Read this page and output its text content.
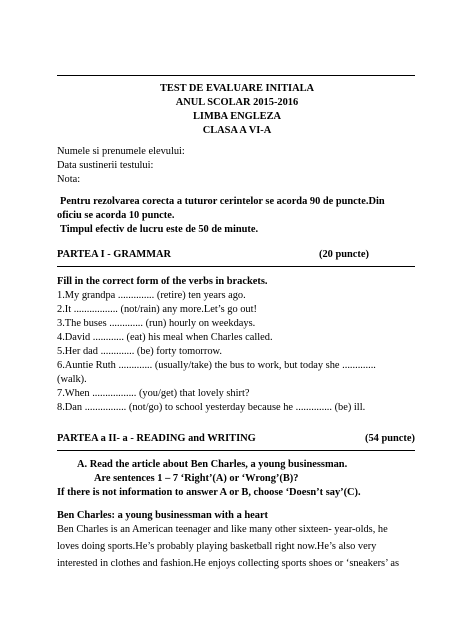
TEST DE EVALUARE INITIALA
ANUL SCOLAR 2015-2016
LIMBA ENGLEZA
CLASA A VI-A
Numele si prenumele elevului:
Data sustinerii testului:
Nota:
Pentru rezolvarea corecta a tuturor cerintelor se acorda 90 de puncte.Din
oficiu se acorda 10 puncte.
Timpul efectiv de lucru este de 50 de minute.
PARTEA I - GRAMMAR	(20 puncte)
Fill in the correct form of the verbs in brackets.
1.My grandpa .............. (retire) ten years ago.
2.It ................. (not/rain) any more.Let’s go out!
3.The buses ............. (run) hourly on weekdays.
4.David ............ (eat) his meal when Charles called.
5.Her dad ............. (be) forty tomorrow.
6.Auntie Ruth ............. (usually/take) the bus to work, but today she .............
(walk).
7.When ................. (you/get) that lovely shirt?
8.Dan ................ (not/go) to school yesterday because he .............. (be) ill.
PARTEA a II- a - READING and WRITING	(54 puncte)
A. Read the article about Ben Charles, a young businessman.
Are sentences 1 – 7 ‘Right’(A) or ‘Wrong’(B)?
If there is not information to answer A or B, choose ‘Doesn’t say’(C).
Ben Charles: a young businessman with a heart
Ben Charles is an American teenager and like many other sixteen- year-olds, he
loves doing sports.He’s probably playing basketball right now.He’s also very
interested in clothes and fashion.He enjoys collecting sports shoes or ‘sneakers’ as
